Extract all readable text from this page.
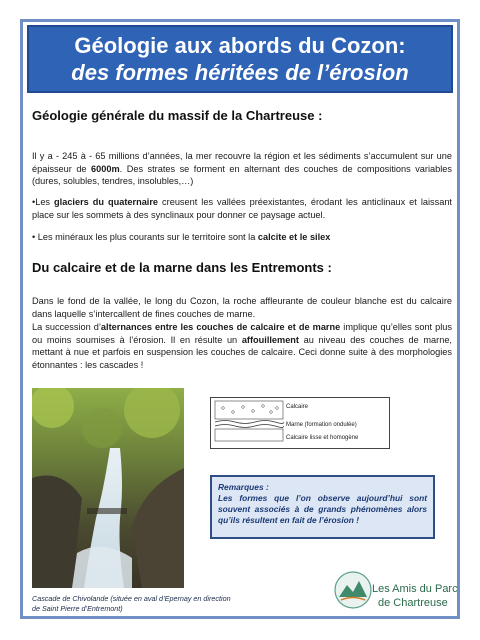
Géologie aux abords du Cozon:
des formes héritées de l’érosion
Géologie générale du massif de la Chartreuse :

Il y a - 245 à - 65 millions d’années, la mer recouvre la région et les sédiments s’accumulent sur une épaisseur de 6000m. Des strates se forment en alternant des couches de compositions variables (dures, solubles, tendres, insolubles,…)

•Les glaciers du quaternaire creusent les vallées préexistantes, érodant les anticlinaux et laissant place sur les sommets à des synclinaux pour donner ce paysage actuel.

• Les minéraux les plus courants sur le territoire sont la calcite et le silex

Du calcaire et de la marne dans les Entremonts :

Dans le fond de la vallée, le long du Cozon, la roche affleurante de couleur blanche est du calcaire dans laquelle s’intercallent de fines couches de marne.

La succession d’alternances entre les couches de calcaire et de marne implique qu’elles sont plus ou moins soumises à l’érosion. Il en résulte un affouillement au niveau des couches de marne, mettant à nue et parfois en suspension les couches de calcaire. Ceci donne suite à des morphologies étonnantes : les cascades !

Cascade de Chivolande (située en aval d’Epernay en direction de Saint Pierre d’Entremont)
Calcaire
Marne (formation ondulée)
Calcaire lisse et homogène
Remarques :
Les formes que l’on observe aujourd’hui sont souvent associés à de grands phénomènes alors qu’ils résultent en fait de l’érosion !
Les Amis du Parc
de Chartreuse
